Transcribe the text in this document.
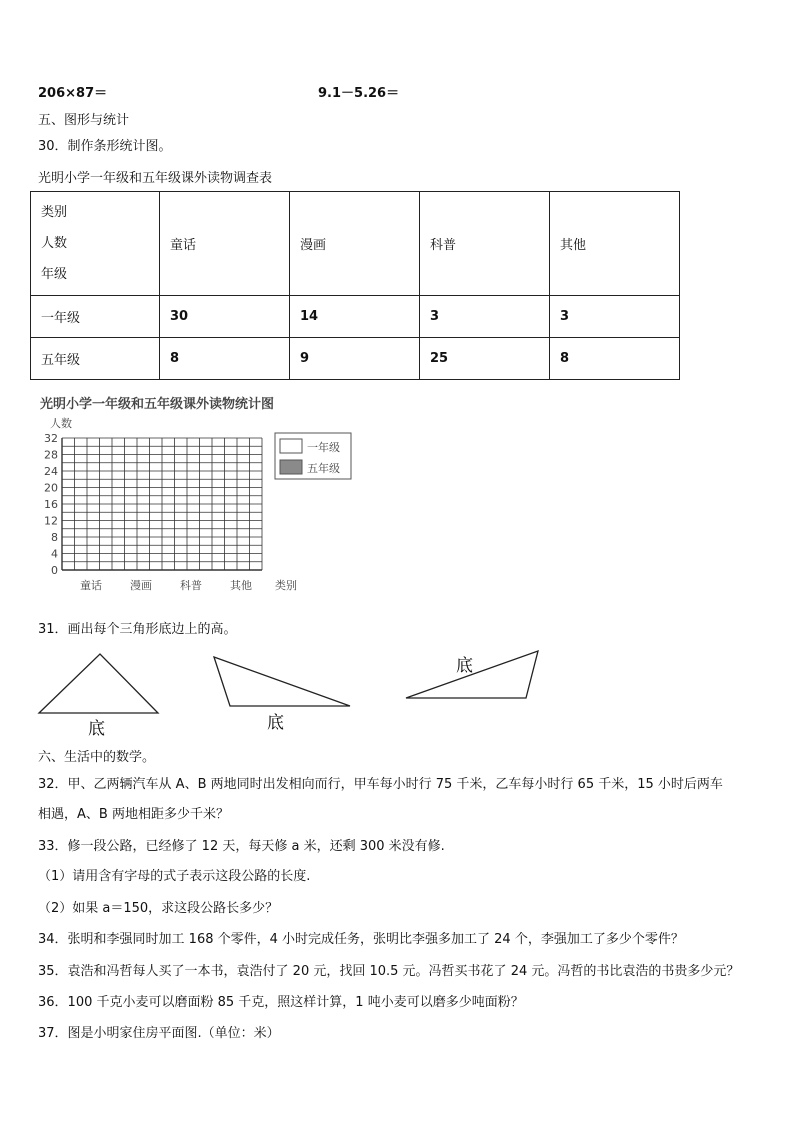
206×87＝	9.1－5.26＝
五、图形与统计
30．制作条形统计图。
光明小学一年级和五年级课外读物调查表
类别
人数
年级	童话	漫画	科普	其他
一年级	30	14	3	3
五年级	8	9	25	8
光明小学一年级和五年级课外读物统计图
人数
0
4
8
12
16
20
24
28
32
童话	漫画	科普	其他 类别
一年级
五年级
31．画出每个三角形底边上的高。
底	底
底
六、生活中的数学。
32．甲、乙两辆汽车从 A、B 两地同时出发相向而行，甲车每小时行 75 千米，乙车每小时行 65 千米，15 小时后两车
相遇，A、B 两地相距多少千米？
33．修一段公路，已经修了 12 天，每天修 a 米，还剩 300 米没有修.
（1）请用含有字母的式子表示这段公路的长度.
（2）如果 a＝150，求这段公路长多少？
34．张明和李强同时加工 168 个零件，4 小时完成任务，张明比李强多加工了 24 个，李强加工了多少个零件？
35．袁浩和冯哲每人买了一本书，袁浩付了 20 元，找回 10.5 元。冯哲买书花了 24 元。冯哲的书比袁浩的书贵多少元？
36．100 千克小麦可以磨面粉 85 千克，照这样计算，1 吨小麦可以磨多少吨面粉？
37．图是小明家住房平面图.（单位：米）
